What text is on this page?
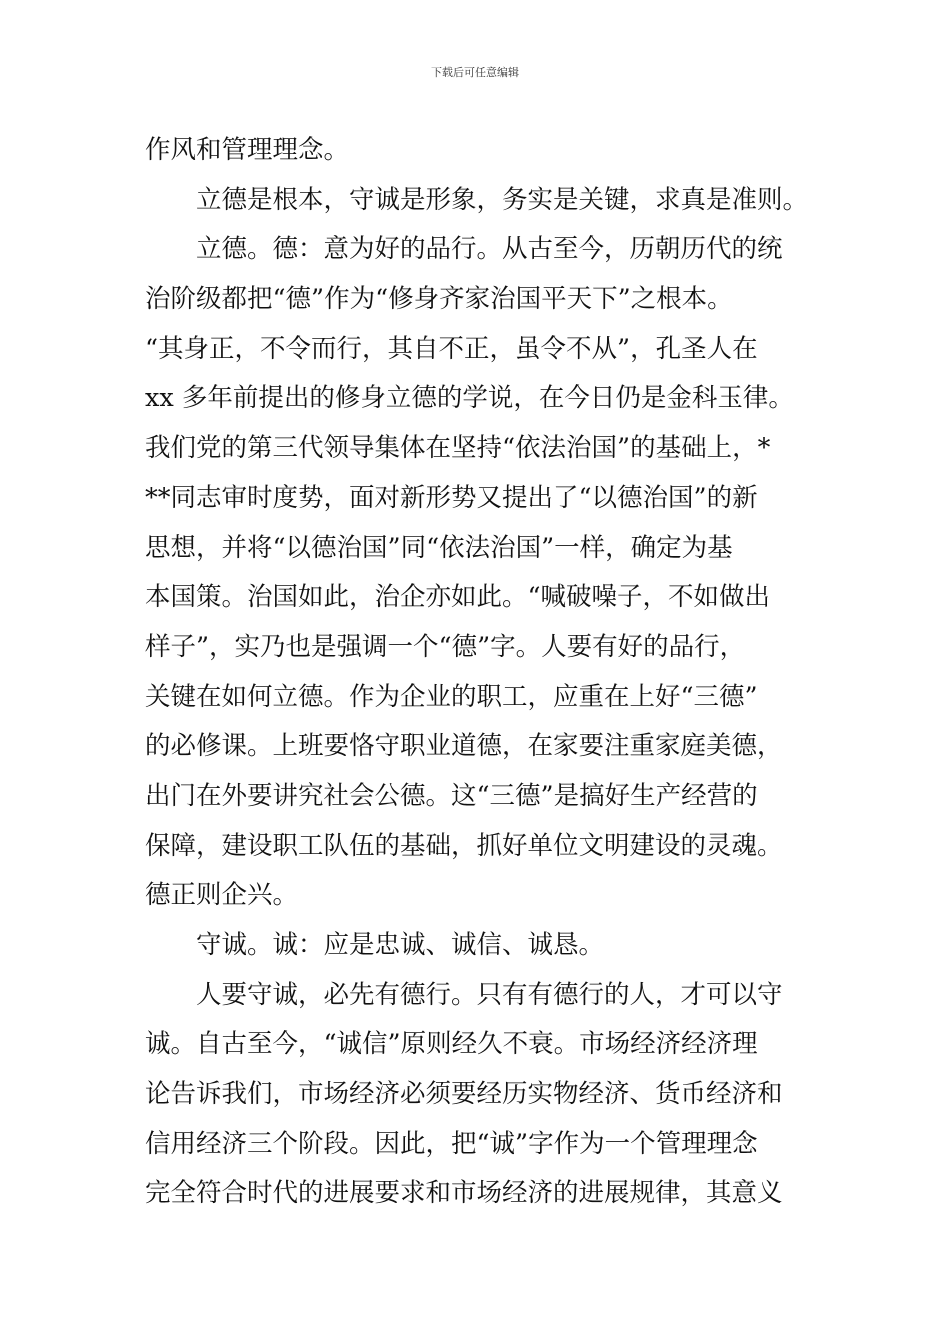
下载后可任意编辑
作风和管理理念。
立德是根本，守诚是形象，务实是关键，求真是准则。
立德。德：意为好的品行。从古至今，历朝历代的统
治阶级都把“德”作为“修身齐家治国平天下”之根本。
“其身正，不令而行，其自不正，虽令不从”，孔圣人在
xx 多年前提出的修身立德的学说，在今日仍是金科玉律。
我们党的第三代领导集体在坚持“依法治国”的基础上，*
**同志审时度势，面对新形势又提出了“以德治国”的新
思想，并将“以德治国”同“依法治国”一样，确定为基
本国策。治国如此，治企亦如此。“喊破噪子，不如做出
样子”，实乃也是强调一个“德”字。人要有好的品行，
关键在如何立德。作为企业的职工，应重在上好“三德”
的必修课。上班要恪守职业道德，在家要注重家庭美德，
出门在外要讲究社会公德。这“三德”是搞好生产经营的
保障，建设职工队伍的基础，抓好单位文明建设的灵魂。
德正则企兴。
守诚。诚：应是忠诚、诚信、诚恳。
人要守诚，必先有德行。只有有德行的人，才可以守
诚。自古至今，“诚信”原则经久不衰。市场经济经济理
论告诉我们，市场经济必须要经历实物经济、货币经济和
信用经济三个阶段。因此，把“诚”字作为一个管理理念
完全符合时代的进展要求和市场经济的进展规律，其意义
